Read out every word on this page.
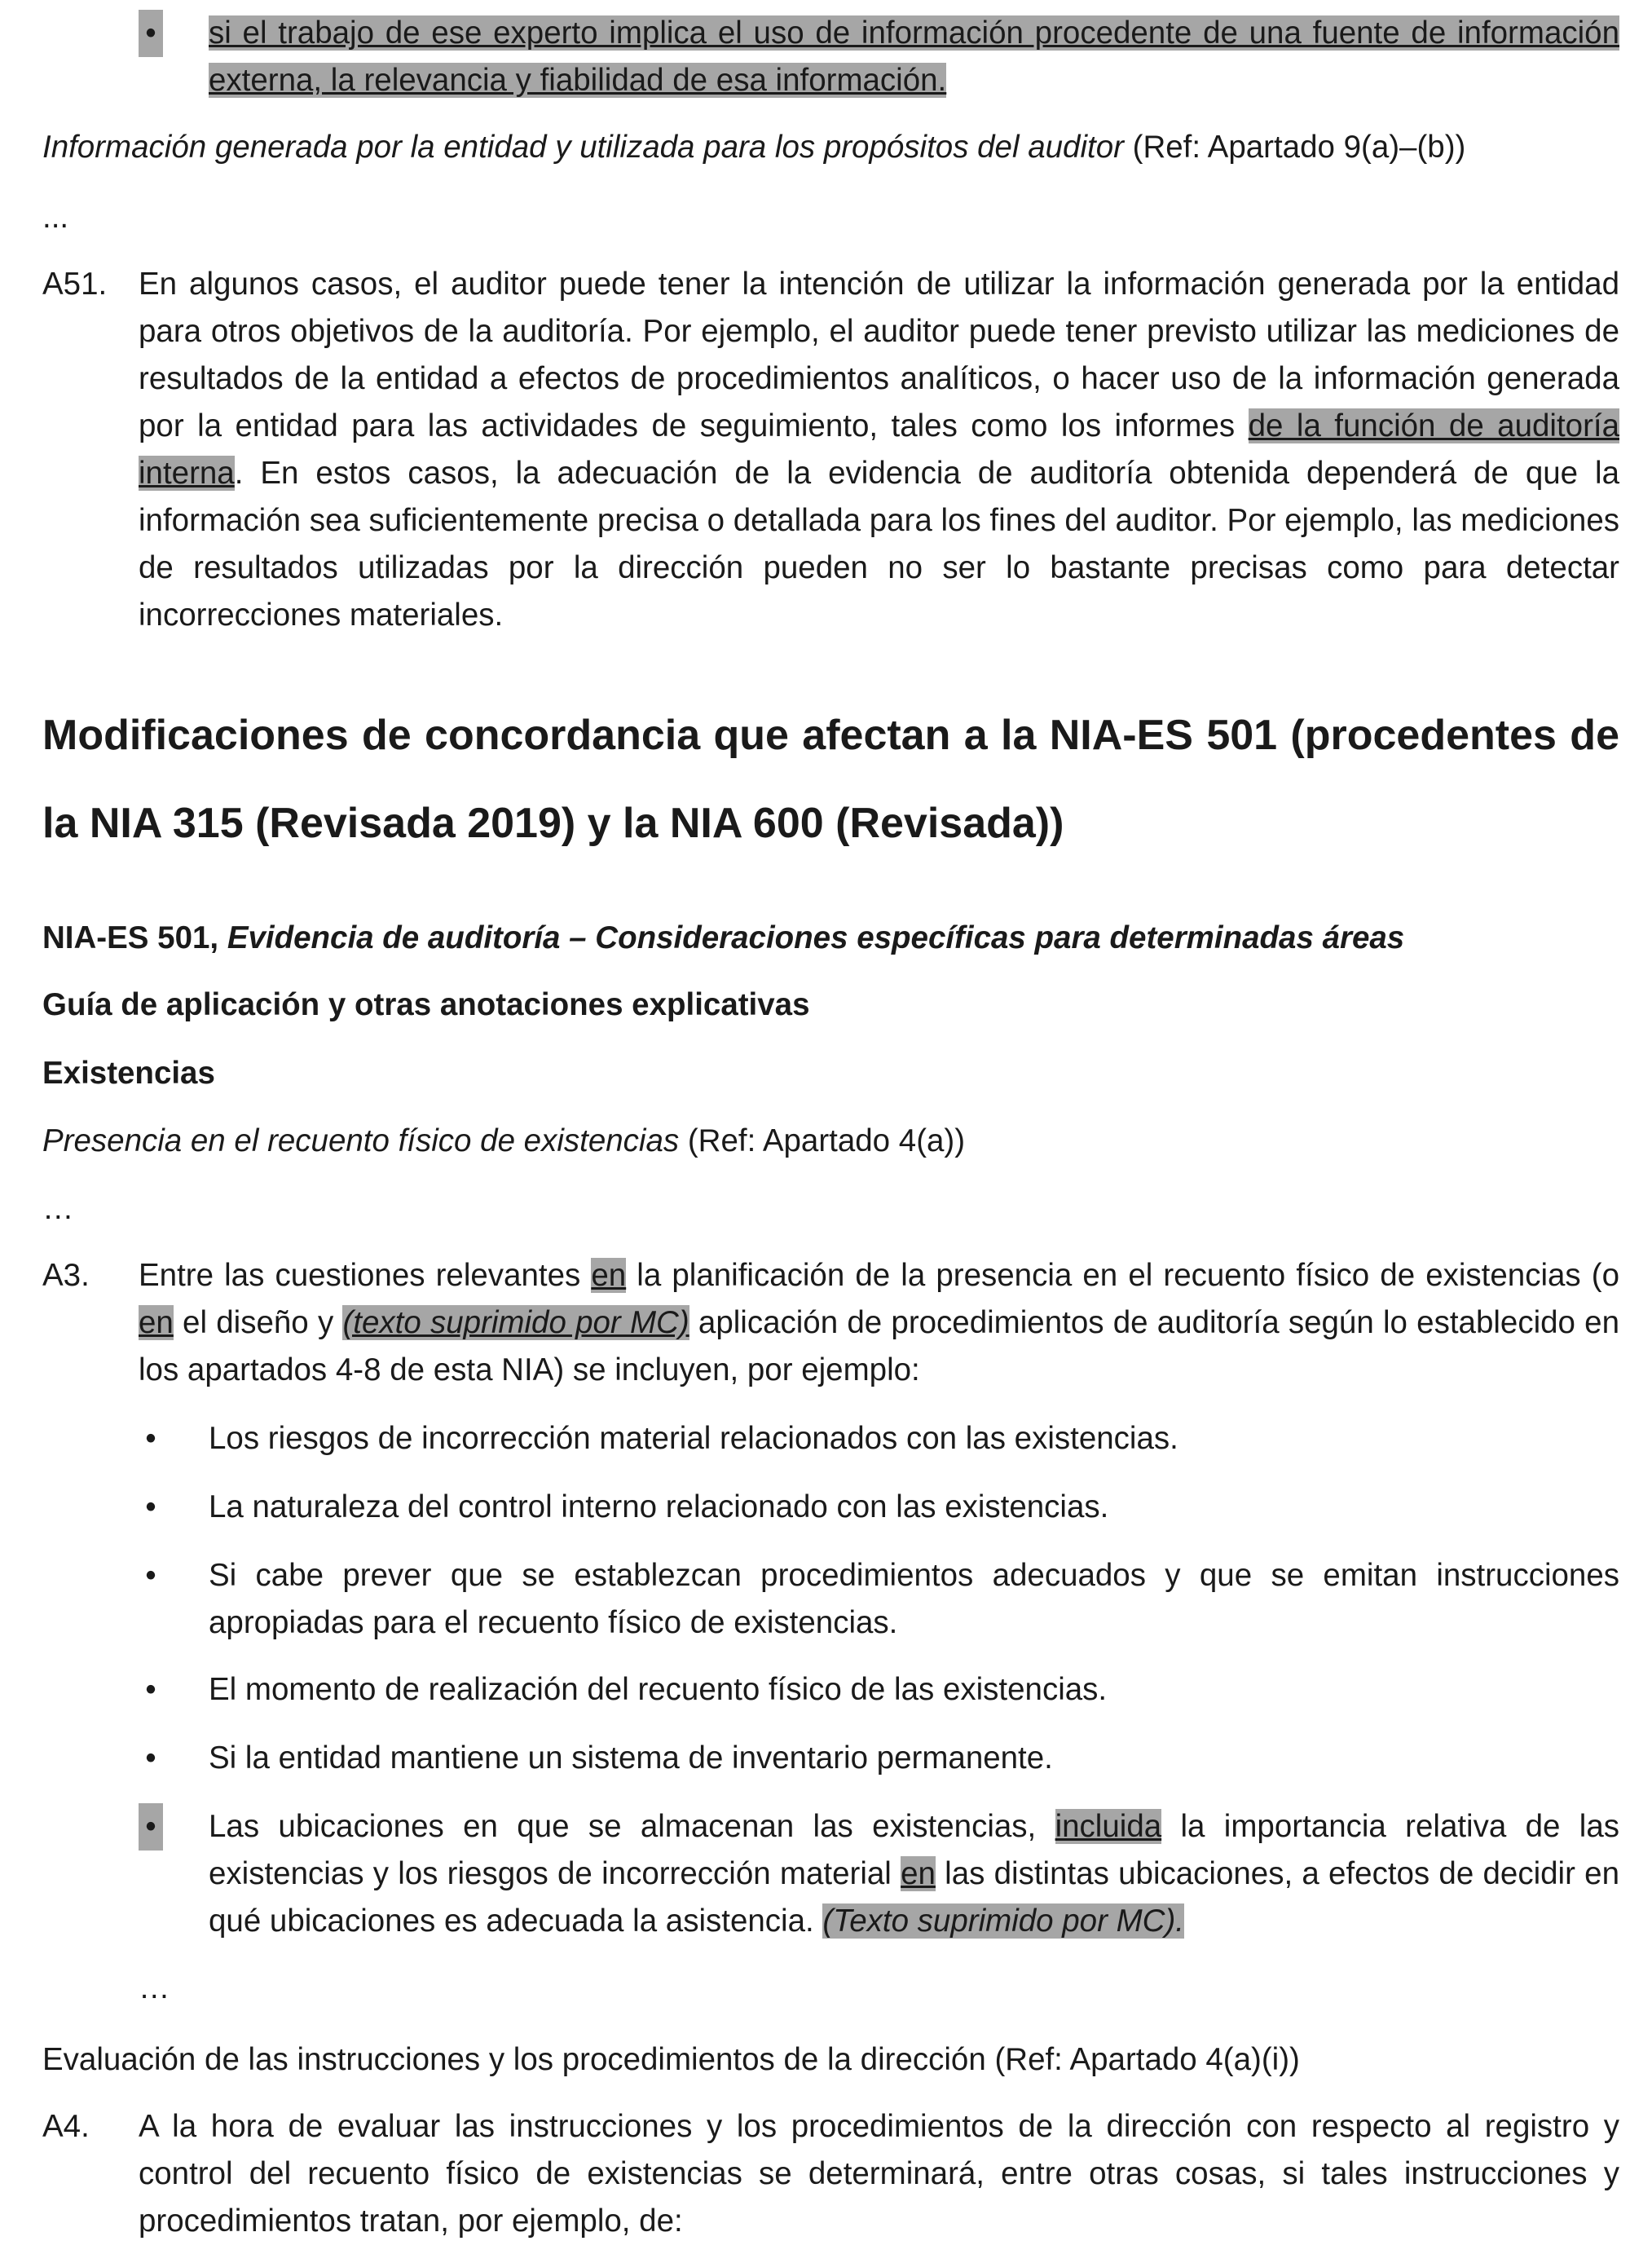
• si el trabajo de ese experto implica el uso de información procedente de una fuente de información externa, la relevancia y fiabilidad de esa información.

Información generada por la entidad y utilizada para los propósitos del auditor (Ref: Apartado 9(a)–(b))

...

A51. En algunos casos, el auditor puede tener la intención de utilizar la información generada por la entidad para otros objetivos de la auditoría. Por ejemplo, el auditor puede tener previsto utilizar las mediciones de resultados de la entidad a efectos de procedimientos analíticos, o hacer uso de la información generada por la entidad para las actividades de seguimiento, tales como los informes de la función de auditoría interna. En estos casos, la adecuación de la evidencia de auditoría obtenida dependerá de que la información sea suficientemente precisa o detallada para los fines del auditor. Por ejemplo, las mediciones de resultados utilizadas por la dirección pueden no ser lo bastante precisas como para detectar incorrecciones materiales.
Modificaciones de concordancia que afectan a la NIA-ES 501 (procedentes de la NIA 315 (Revisada 2019) y la NIA 600 (Revisada))

NIA-ES 501, Evidencia de auditoría – Consideraciones específicas para determinadas áreas

Guía de aplicación y otras anotaciones explicativas

Existencias

Presencia en el recuento físico de existencias (Ref: Apartado 4(a))

…

A3. Entre las cuestiones relevantes en la planificación de la presencia en el recuento físico de existencias (o en el diseño y (texto suprimido por MC) aplicación de procedimientos de auditoría según lo establecido en los apartados 4-8 de esta NIA) se incluyen, por ejemplo:
• Los riesgos de incorrección material relacionados con las existencias.
• La naturaleza del control interno relacionado con las existencias.
• Si cabe prever que se establezcan procedimientos adecuados y que se emitan instrucciones apropiadas para el recuento físico de existencias.
• El momento de realización del recuento físico de las existencias.
• Si la entidad mantiene un sistema de inventario permanente.
• Las ubicaciones en que se almacenan las existencias, incluida la importancia relativa de las existencias y los riesgos de incorrección material en las distintas ubicaciones, a efectos de decidir en qué ubicaciones es adecuada la asistencia. (Texto suprimido por MC).

…

Evaluación de las instrucciones y los procedimientos de la dirección (Ref: Apartado 4(a)(i))

A4. A la hora de evaluar las instrucciones y los procedimientos de la dirección con respecto al registro y control del recuento físico de existencias se determinará, entre otras cosas, si tales instrucciones y procedimientos tratan, por ejemplo, de:
